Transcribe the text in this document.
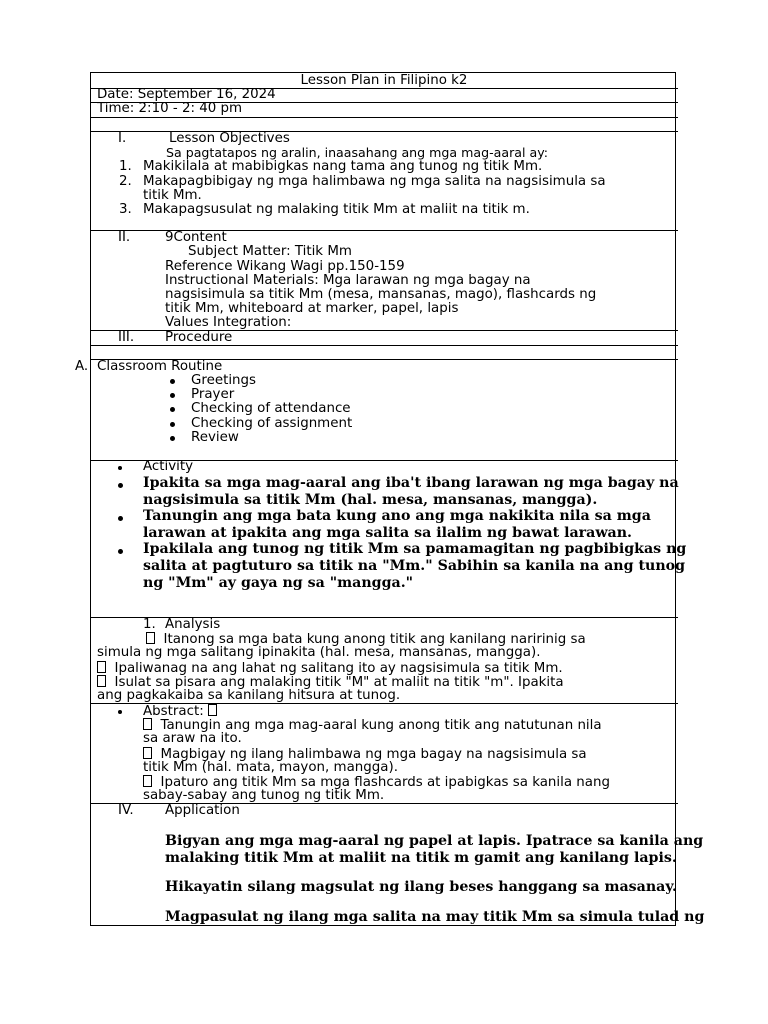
Lesson Plan in Filipino k2
Date: September 16, 2024
Time: 2:10 - 2: 40 pm
I.	Lesson Objectives
Sa pagtatapos ng aralin, inaasahang ang mga mag-aaral ay:
1. Makikilala at mabibigkas nang tama ang tunog ng titik Mm.
2. Makapagbibigay ng mga halimbawa ng mga salita na nagsisimula sa
titik Mm.
3. Makapagsusulat ng malaking titik Mm at maliit na titik m.
II.	9Content
Subject Matter: Titik Mm
Reference Wikang Wagi pp.150-159
Instructional Materials: Mga larawan ng mga bagay na
nagsisimula sa titik Mm (mesa, mansanas, mago), flashcards ng
titik Mm, whiteboard at marker, papel, lapis
Values Integration:
III. Procedure
A. Classroom Routine
Greetings
Prayer
Checking of attendance
Checking of assignment
Review
Activity
Ipakita sa mga mag-aaral ang iba't ibang larawan ng mga bagay na
nagsisimula sa titik Mm (hal. mesa, mansanas, mangga).
Tanungin ang mga bata kung ano ang mga nakikita nila sa mga
larawan at ipakita ang mga salita sa ilalim ng bawat larawan.
Ipakilala ang tunog ng titik Mm sa pamamagitan ng pagbibigkas ng
salita at pagtuturo sa titik na "Mm." Sabihin sa kanila na ang tunog
ng "Mm" ay gaya ng sa "mangga."
1. Analysis
Itanong sa mga bata kung anong titik ang kanilang naririnig sa
simula ng mga salitang ipinakita (hal. mesa, mansanas, mangga).
Ipaliwanag na ang lahat ng salitang ito ay nagsisimula sa titik Mm.
Isulat sa pisara ang malaking titik "M" at maliit na titik "m". Ipakita
ang pagkakaiba sa kanilang hitsura at tunog.
Abstract:
Tanungin ang mga mag-aaral kung anong titik ang natutunan nila
sa araw na ito.
Magbigay ng ilang halimbawa ng mga bagay na nagsisimula sa
titik Mm (hal. mata, mayon, mangga).
Ipaturo ang titik Mm sa mga flashcards at ipabigkas sa kanila nang
sabay-sabay ang tunog ng titik Mm.
IV. Application
Bigyan ang mga mag-aaral ng papel at lapis. Ipatrace sa kanila ang
malaking titik Mm at maliit na titik m gamit ang kanilang lapis.
Hikayatin silang magsulat ng ilang beses hanggang sa masanay.
Magpasulat ng ilang mga salita na may titik Mm sa simula tulad ng
